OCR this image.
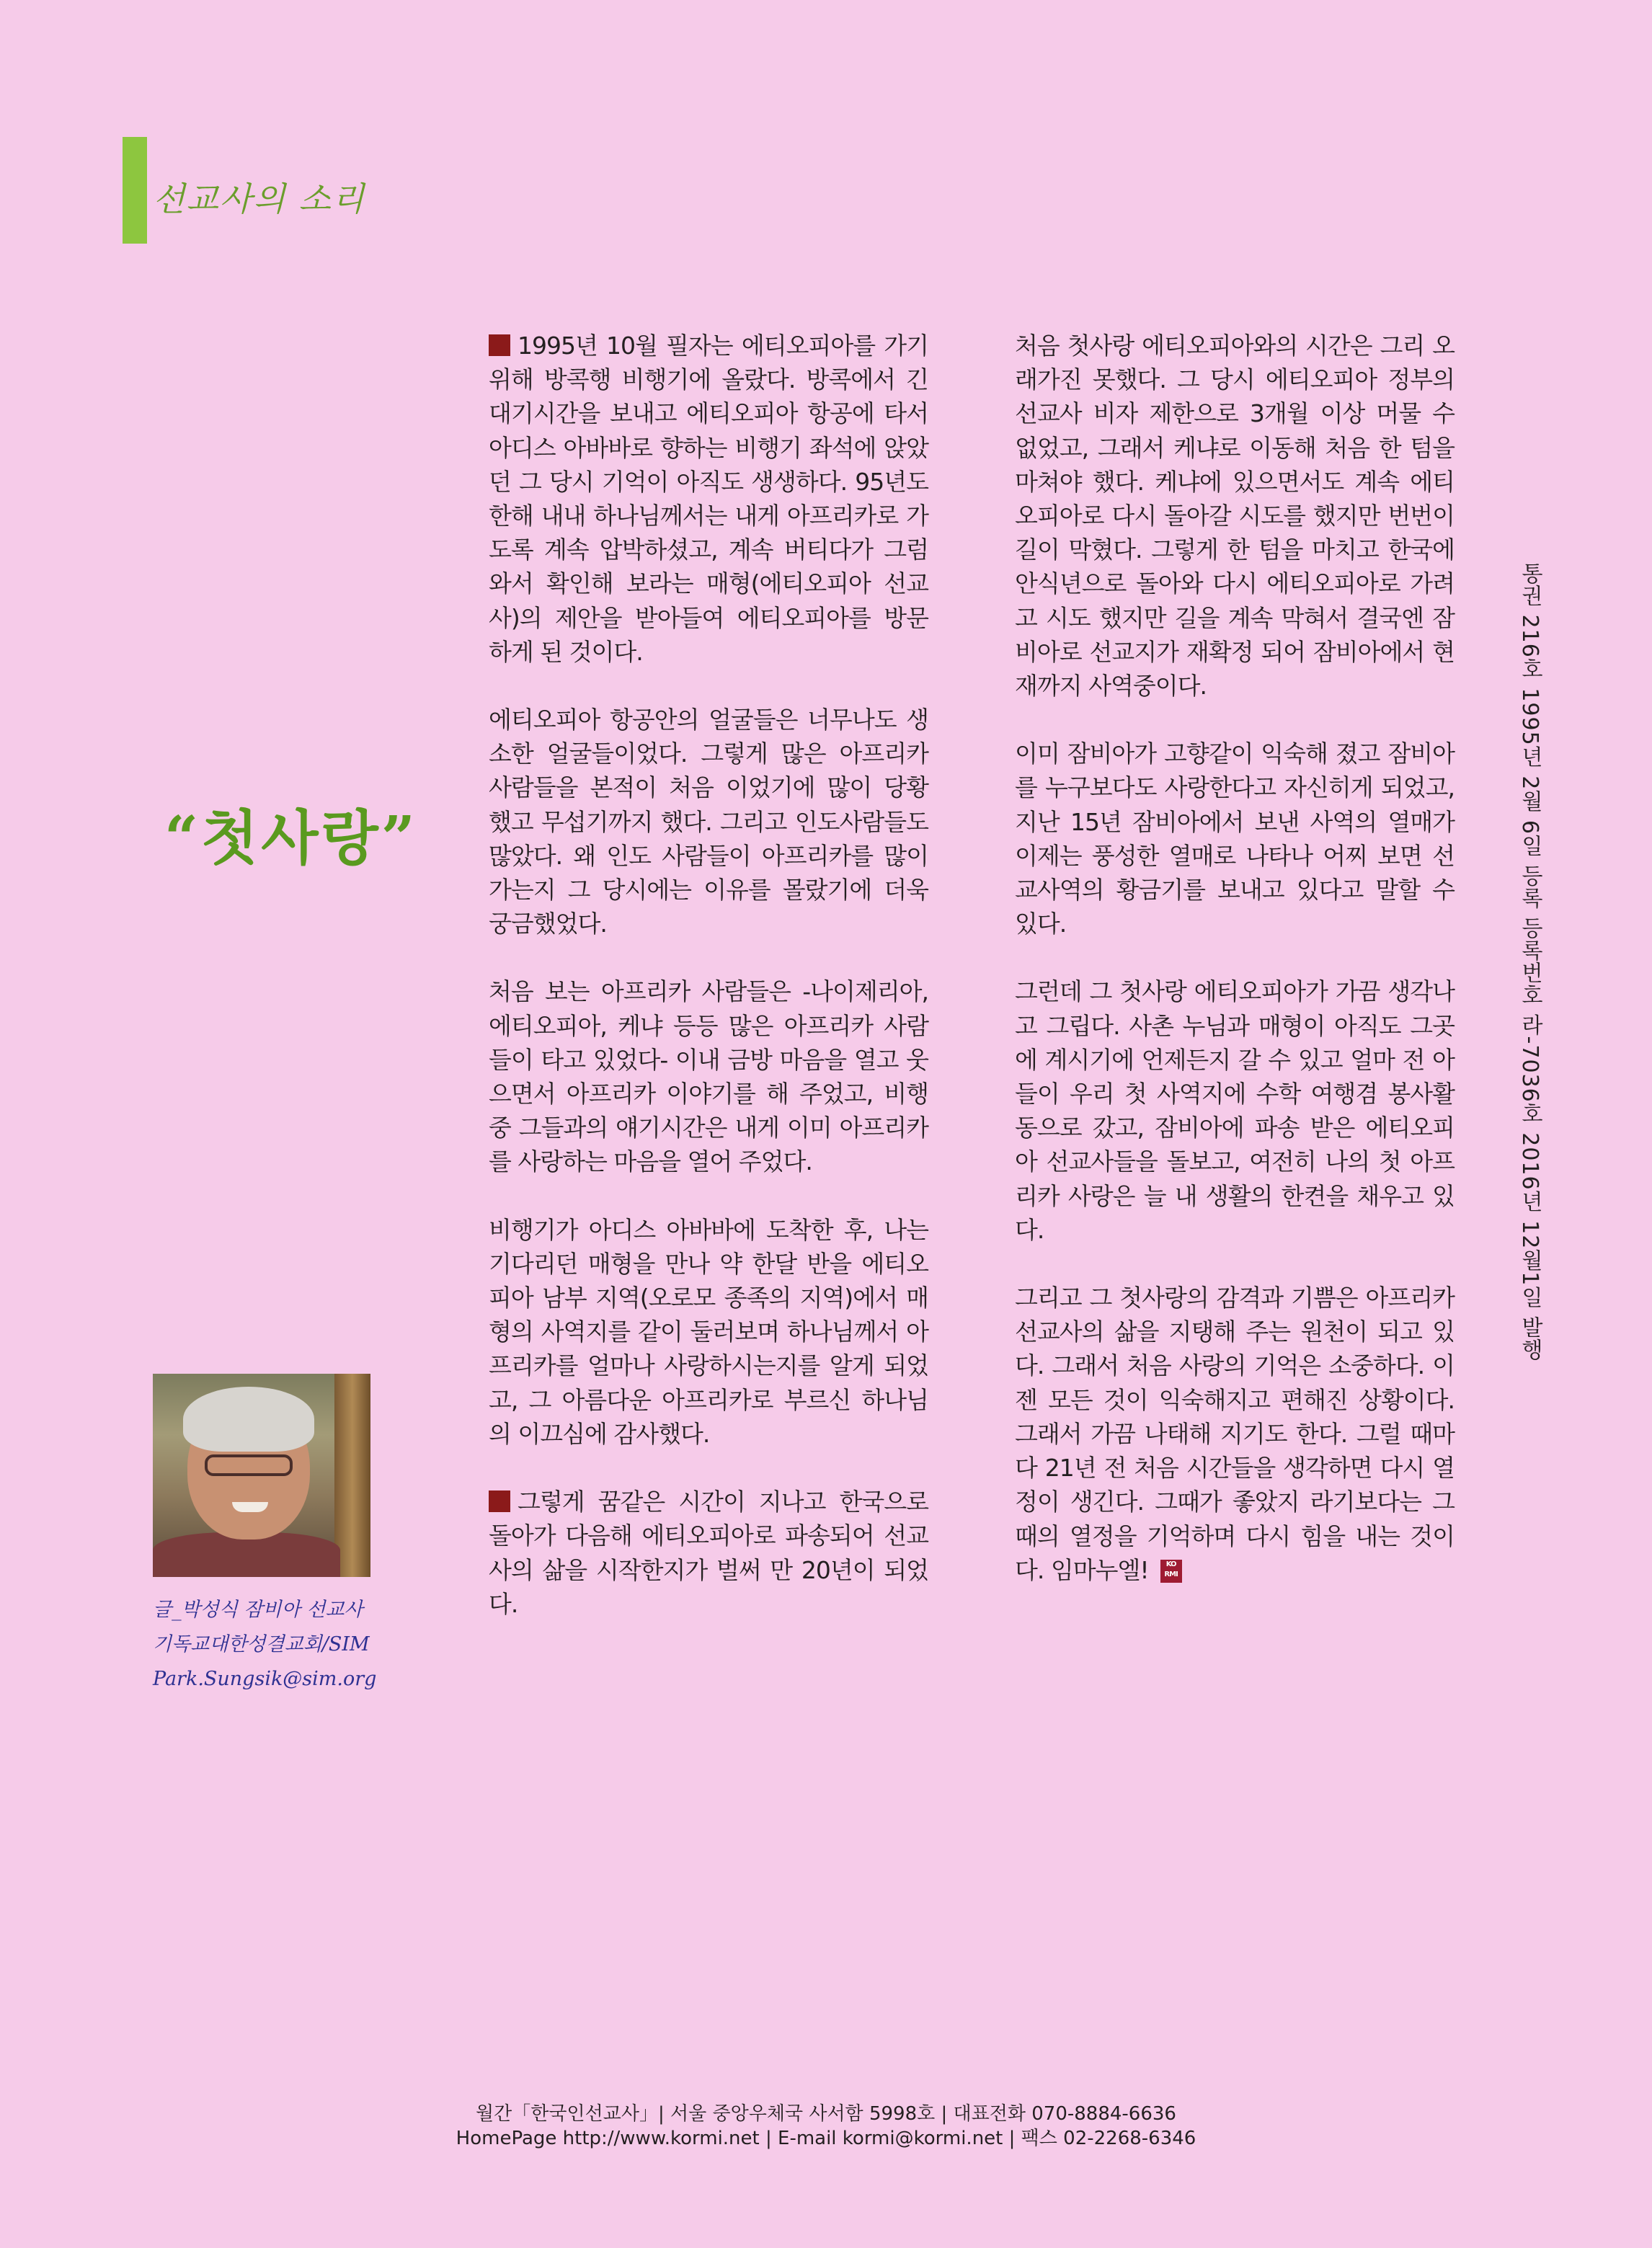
선교사의 소리
“첫사랑”
글_박성식 잠비아 선교사
기독교대한성결교회/SIM
Park.Sungsik@sim.org

1995년 10월 필자는 에티오피아를 가기위해 방콕행 비행기에 올랐다. 방콕에서 긴 대기시간을 보내고 에티오피아 항공에 타서 아디스 아바바로 향하는 비행기 좌석에 앉았던 그 당시 기억이 아직도 생생하다. 95년도 한해 내내 하나님께서는 내게 아프리카로 가도록 계속 압박하셨고, 계속 버티다가 그럼 와서 확인해 보라는 매형(에티오피아 선교사)의 제안을 받아들여 에티오피아를 방문 하게 된 것이다.

에티오피아 항공안의 얼굴들은 너무나도 생소한 얼굴들이었다. 그렇게 많은 아프리카 사람들을 본적이 처음 이었기에 많이 당황 했고 무섭기까지 했다. 그리고 인도사람들도 많았다. 왜 인도 사람들이 아프리카를 많이 가는지 그 당시에는 이유를 몰랐기에 더욱 궁금했었다.

처음 보는 아프리카 사람들은 -나이제리아, 에티오피아, 케냐 등등 많은 아프리카 사람들이 타고 있었다- 이내 금방 마음을 열고 웃으면서 아프리카 이야기를 해 주었고, 비행 중 그들과의 얘기시간은 내게 이미 아프리카를 사랑하는 마음을 열어 주었다.

비행기가 아디스 아바바에 도착한 후, 나는 기다리던 매형을 만나 약 한달 반을 에티오피아 남부 지역(오로모 종족의 지역)에서 매형의 사역지를 같이 둘러보며 하나님께서 아프리카를 얼마나 사랑하시는지를 알게 되었고, 그 아름다운 아프리카로 부르신 하나님의 이끄심에 감사했다.

그렇게 꿈같은 시간이 지나고 한국으로 돌아가 다음해 에티오피아로 파송되어 선교사의 삶을 시작한지가 벌써 만 20년이 되었다.

처음 첫사랑 에티오피아와의 시간은 그리 오래가진 못했다. 그 당시 에티오피아 정부의 선교사 비자 제한으로 3개월 이상 머물 수 없었고, 그래서 케냐로 이동해 처음 한 텀을 마쳐야 했다. 케냐에 있으면서도 계속 에티오피아로 다시 돌아갈 시도를 했지만 번번이 길이 막혔다. 그렇게 한 텀을 마치고 한국에 안식년으로 돌아와 다시 에티오피아로 가려고 시도 했지만 길을 계속 막혀서 결국엔 잠비아로 선교지가 재확정 되어 잠비아에서 현재까지 사역중이다.

이미 잠비아가 고향같이 익숙해 졌고 잠비아를 누구보다도 사랑한다고 자신히게 되었고, 지난 15년 잠비아에서 보낸 사역의 열매가 이제는 풍성한 열매로 나타나 어찌 보면 선교사역의 황금기를 보내고 있다고 말할 수 있다.

그런데 그 첫사랑 에티오피아가 가끔 생각나고 그립다. 사촌 누님과 매형이 아직도 그곳에 계시기에 언제든지 갈 수 있고 얼마 전 아들이 우리 첫 사역지에 수학 여행겸 봉사활동으로 갔고, 잠비아에 파송 받은 에티오피아 선교사들을 돌보고, 여전히 나의 첫 아프리카 사랑은 늘 내 생활의 한켠을 채우고 있다.

그리고 그 첫사랑의 감격과 기쁨은 아프리카 선교사의 삶을 지탱해 주는 원천이 되고 있다. 그래서 처음 사랑의 기억은 소중하다. 이젠 모든 것이 익숙해지고 편해진 상황이다. 그래서 가끔 나태해 지기도 한다. 그럴 때마다 21년 전 처음 시간들을 생각하면 다시 열정이 생긴다. 그때가 좋았지 라기보다는 그때의 열정을 기억하며 다시 힘을 내는 것이다. 임마누엘! KO RMI

통권 216호 1995년 2월 6일 등록 등록번호 라-7036호 2016년 12월1일 발행
월간「한국인선교사」| 서울 중앙우체국 사서함 5998호 | 대표전화 070-8884-6636
HomePage http://www.kormi.net | E-mail kormi@kormi.net | 팩스 02-2268-6346
